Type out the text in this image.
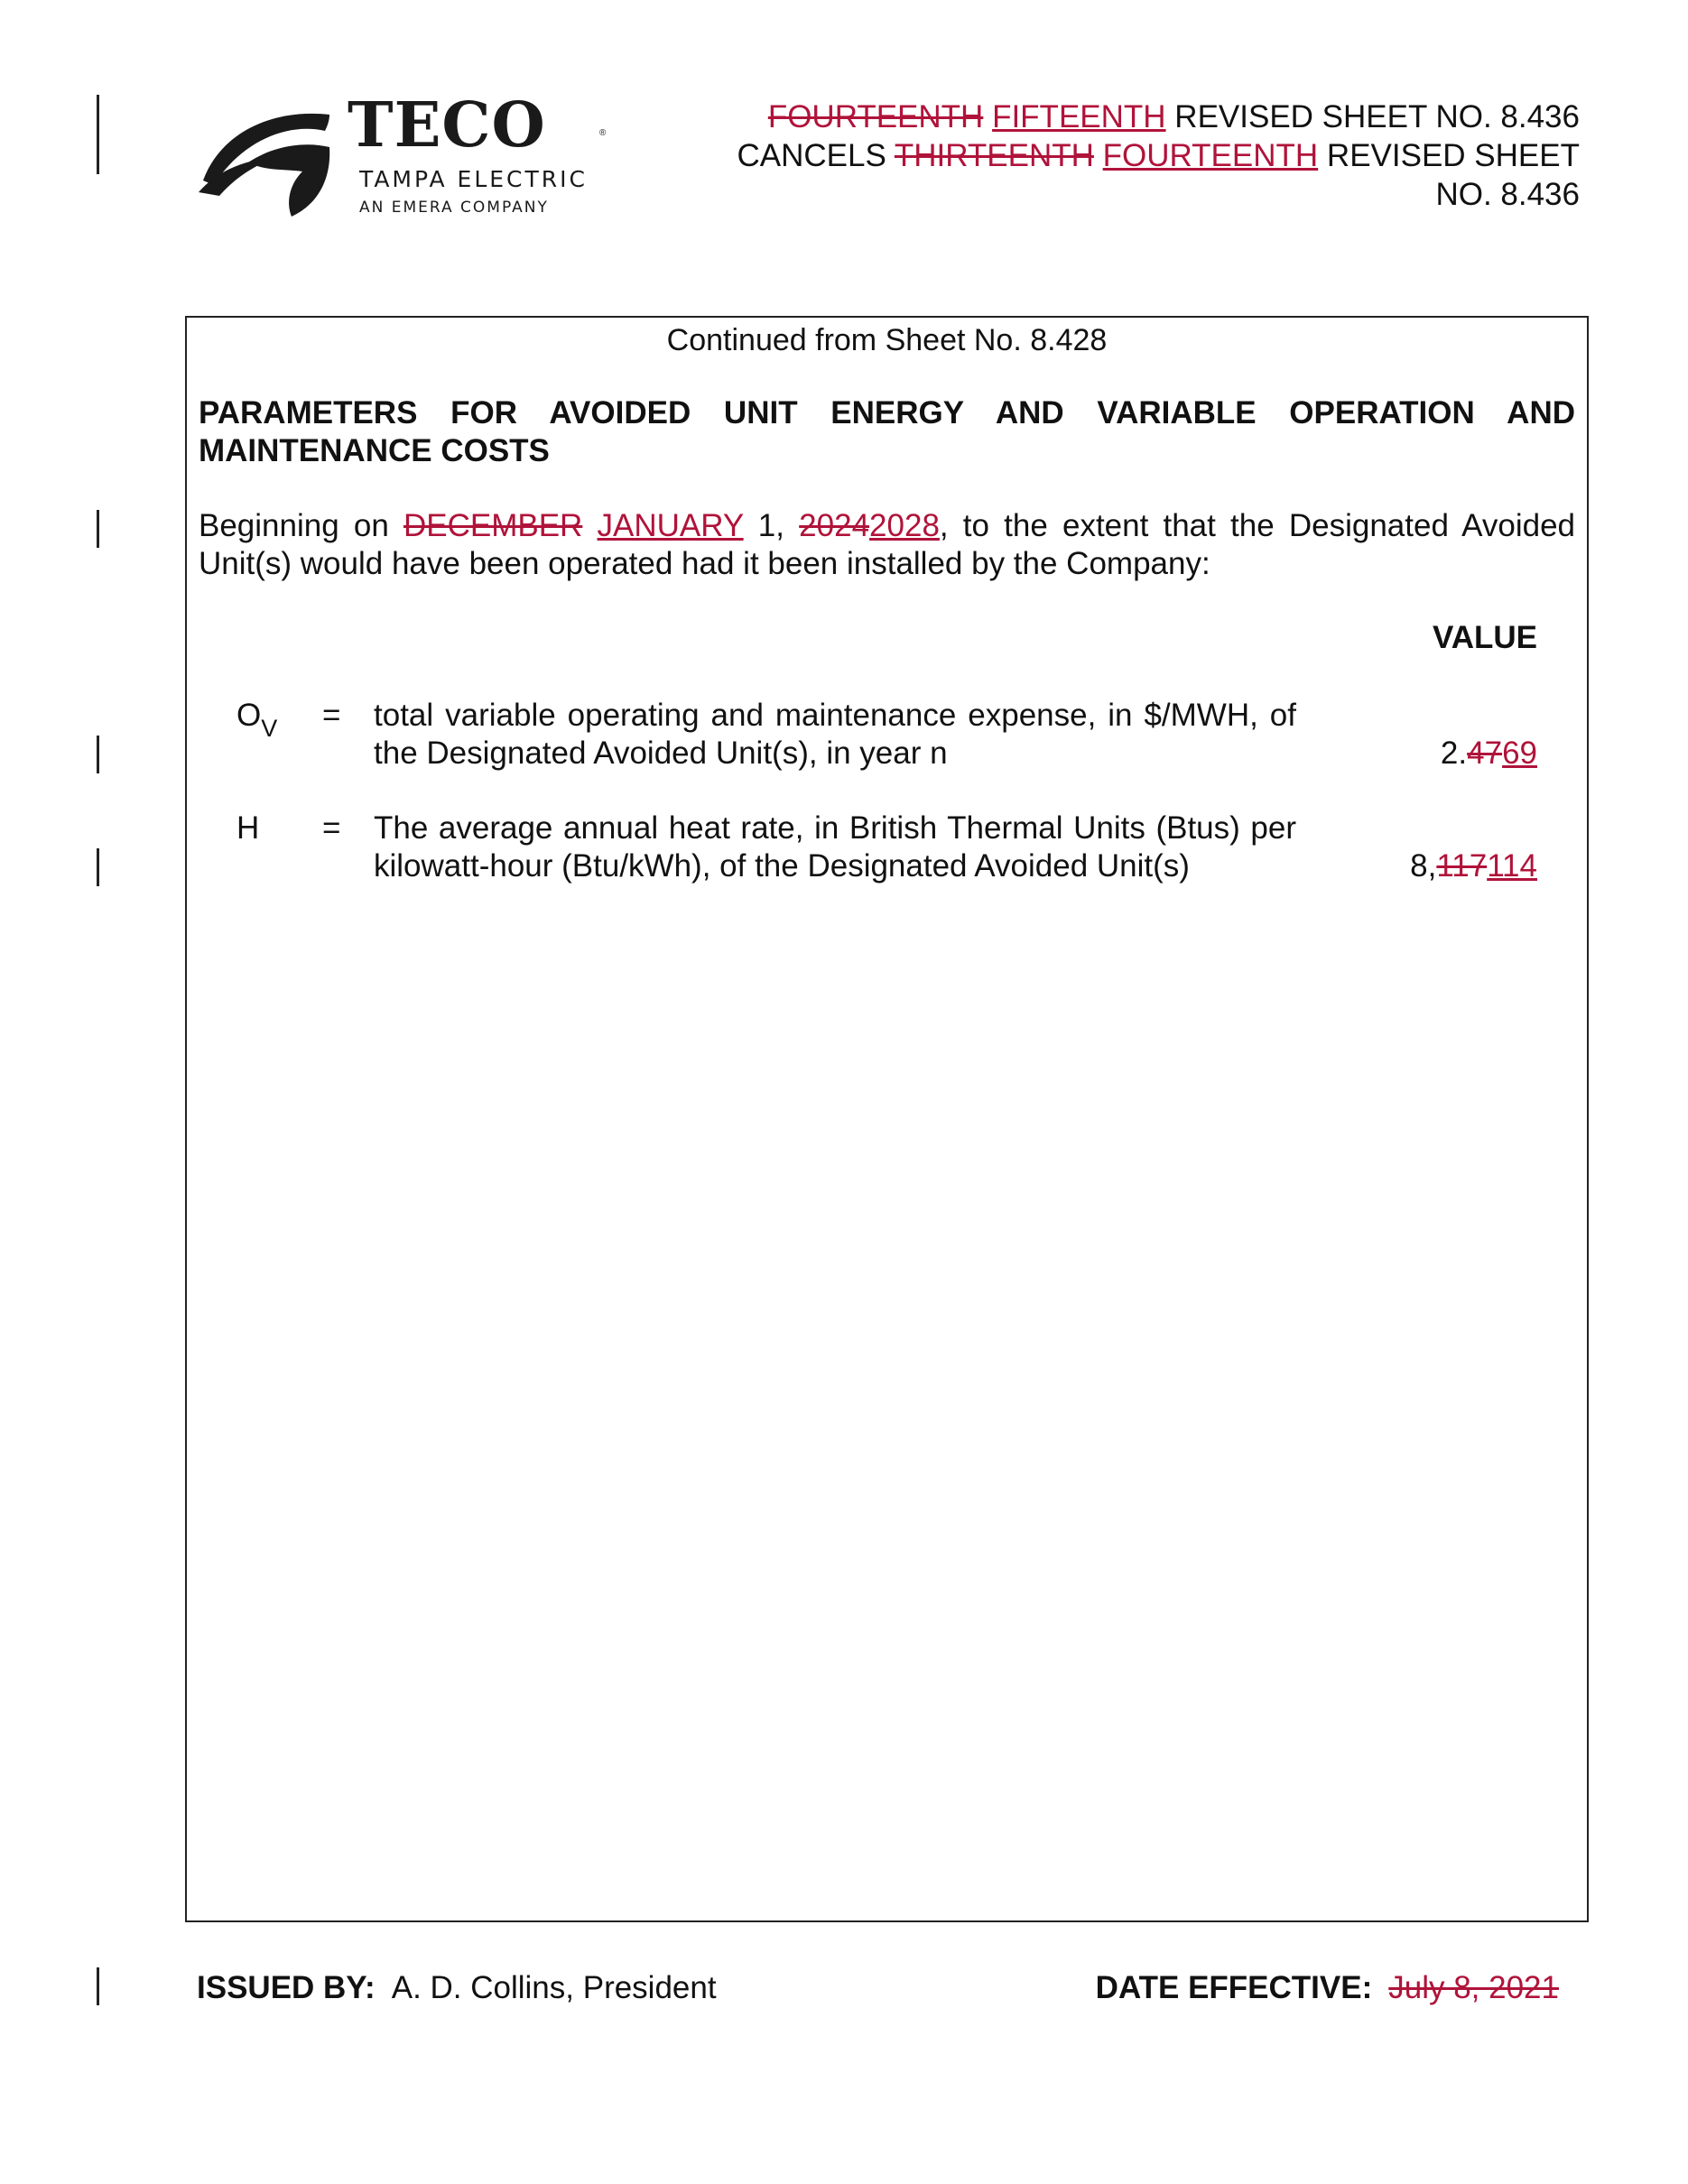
TECO	®
TAMPA ELECTRIC
AN EMERA COMPANY
FOURTEENTH FIFTEENTH REVISED SHEET NO. 8.436
CANCELS THIRTEENTH FOURTEENTH REVISED SHEET
NO. 8.436
Continued from Sheet No. 8.428
PARAMETERS FOR AVOIDED UNIT ENERGY AND VARIABLE OPERATION AND MAINTENANCE COSTS
Beginning on DECEMBER JANUARY 1, 20242028, to the extent that the Designated Avoided Unit(s) would have been operated had it been installed by the Company:
VALUE
$O_V$ = total variable operating and maintenance expense, in $/MWH, of the Designated Avoided Unit(s), in year n	2.4769
H = The average annual heat rate, in British Thermal Units (Btus) per kilowatt-hour (Btu/kWh), of the Designated Avoided Unit(s)	8,117114
ISSUED BY: A. D. Collins, President	DATE EFFECTIVE: July 8, 2021
